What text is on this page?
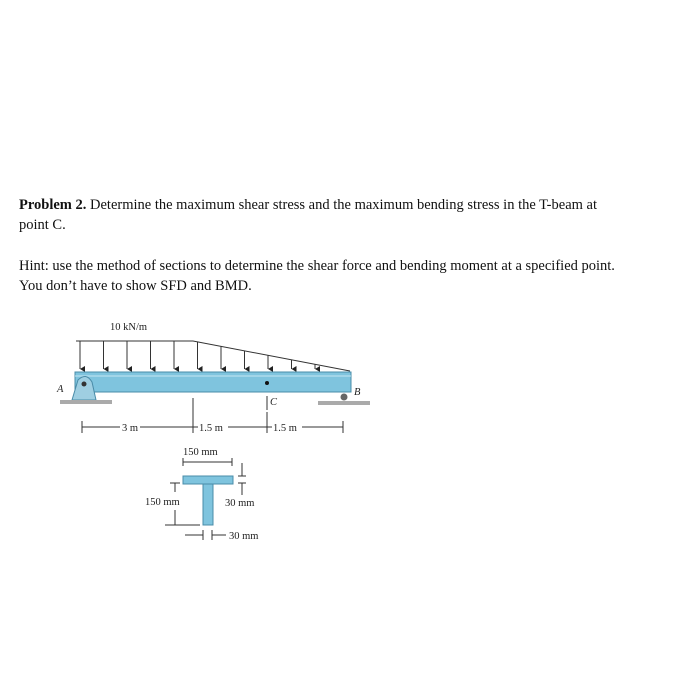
Problem 2. Determine the maximum shear stress and the maximum bending stress in the T-beam at
point C.
Hint: use the method of sections to determine the shear force and bending moment at a specified point.
You don’t have to show SFD and BMD.
10 kN/m
A	B
C
3 m	1.5 m	1.5 m
150 mm
150 mm	30 mm
30 mm
